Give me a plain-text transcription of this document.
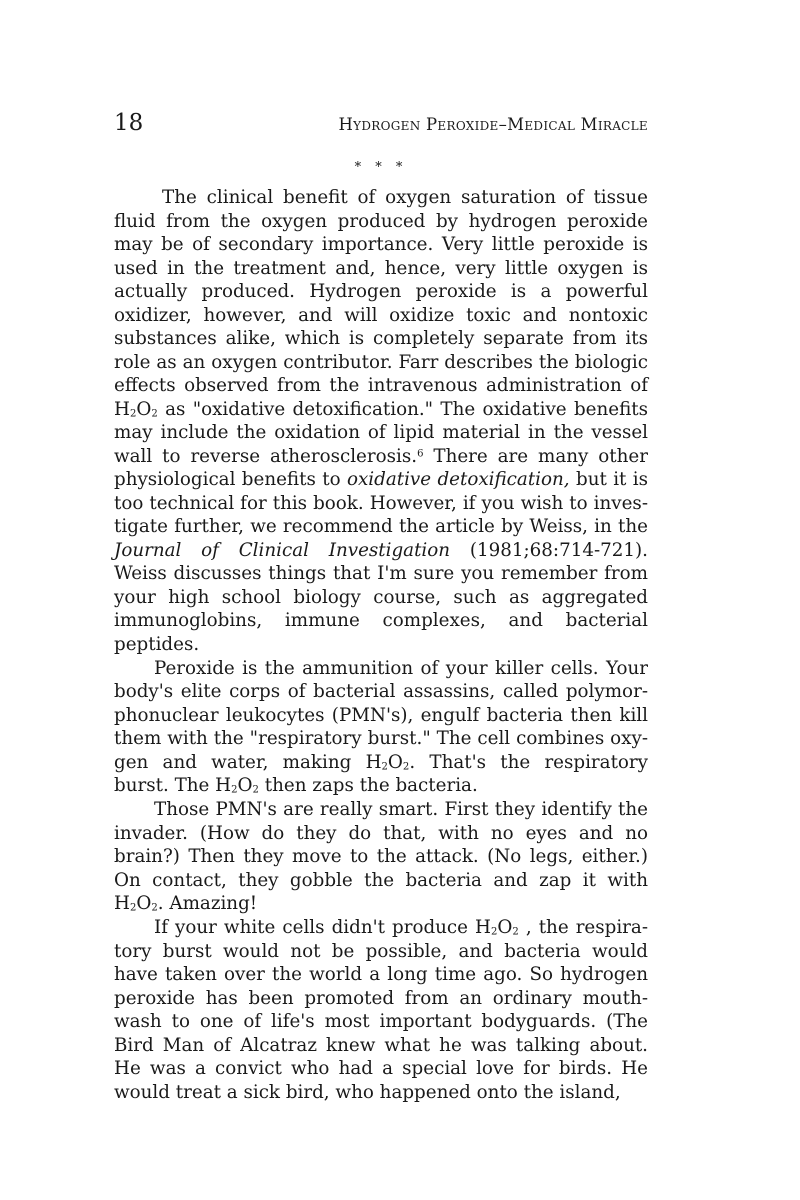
18	Hydrogen Peroxide–Medical Miracle
* * *

The clinical benefit of oxygen saturation of tissue fluid from the oxygen produced by hydrogen peroxide may be of secondary importance. Very little peroxide is used in the treatment and, hence, very little oxygen is actually produced. Hydrogen peroxide is a powerful oxidizer, however, and will oxidize toxic and nontoxic substances alike, which is completely separate from its role as an oxygen contributor. Farr describes the biologic effects observed from the intravenous administration of $H_2O_2$ as "oxidative detoxification." The oxidative benefits may include the oxidation of lipid material in the vessel wall to reverse atherosclerosis.$^6$ There are many other physiological benefits to oxidative detoxification, but it is too technical for this book. However, if you wish to investigate further, we recommend the article by Weiss, in the Journal of Clinical Investigation (1981;68:714-721). Weiss discusses things that I'm sure you remember from your high school biology course, such as aggregated immunoglobins, immune complexes, and bacterial peptides.

Peroxide is the ammunition of your killer cells. Your body's elite corps of bacterial assassins, called polymorphonuclear leukocytes (PMN's), engulf bacteria then kill them with the "respiratory burst." The cell combines oxygen and water, making $H_2O_2$. That's the respiratory burst. The $H_2O_2$ then zaps the bacteria.

Those PMN's are really smart. First they identify the invader. (How do they do that, with no eyes and no brain?) Then they move to the attack. (No legs, either.) On contact, they gobble the bacteria and zap it with $H_2O_2$. Amazing!

If your white cells didn't produce $H_2O_2$ , the respiratory burst would not be possible, and bacteria would have taken over the world a long time ago. So hydrogen peroxide has been promoted from an ordinary mouthwash to one of life's most important bodyguards. (The Bird Man of Alcatraz knew what he was talking about. He was a convict who had a special love for birds. He would treat a sick bird, who happened onto the island,
